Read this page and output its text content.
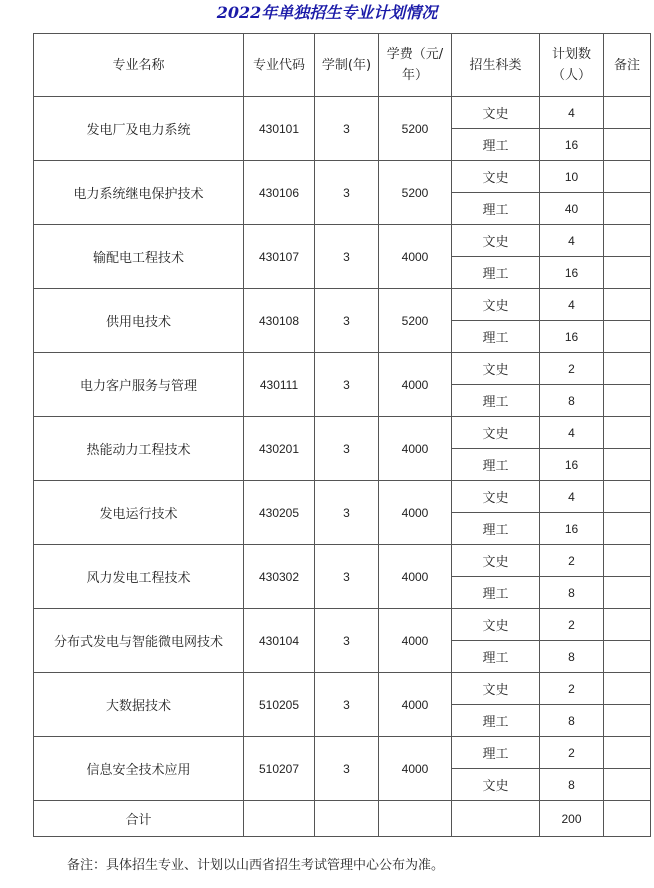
2022年单独招生专业计划情况
专业名称	专业代码	学制(年)	学费（元/年）	招生科类	计划数（人）	备注
发电厂及电力系统	430101	3	5200	文史	4	
				理工	16	
电力系统继电保护技术	430106	3	5200	文史	10	
				理工	40	
输配电工程技术	430107	3	4000	文史	4	
				理工	16	
供用电技术	430108	3	5200	文史	4	
				理工	16	
电力客户服务与管理	430111	3	4000	文史	2	
				理工	8	
热能动力工程技术	430201	3	4000	文史	4	
				理工	16	
发电运行技术	430205	3	4000	文史	4	
				理工	16	
风力发电工程技术	430302	3	4000	文史	2	
				理工	8	
分布式发电与智能微电网技术	430104	3	4000	文史	2	
				理工	8	
大数据技术	510205	3	4000	文史	2	
				理工	8	
信息安全技术应用	510207	3	4000	理工	2	
				文史	8	
合计					200	
备注：具体招生专业、计划以山西省招生考试管理中心公布为准。
